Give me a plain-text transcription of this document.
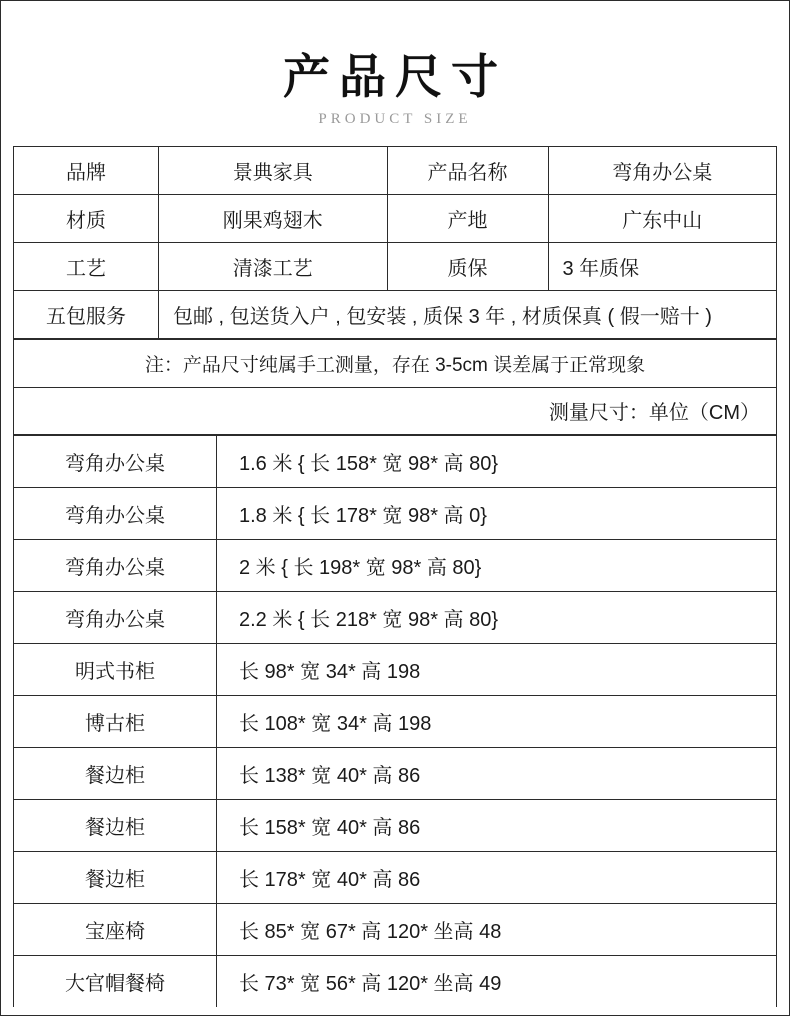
产品尺寸
PRODUCT SIZE
品牌	景典家具	产品名称	弯角办公桌
材质	刚果鸡翅木	产地	广东中山
工艺	清漆工艺	质保	3 年质保
五包服务	包邮 , 包送货入户 , 包安装 , 质保 3 年 , 材质保真 ( 假一赔十 )		
注：产品尺寸纯属手工测量，存在 3-5cm 误差属于正常现象
测量尺寸：单位（CM）
弯角办公桌	1.6 米 { 长 158* 宽 98* 高 80}
弯角办公桌	1.8 米 { 长 178* 宽 98* 高 0}
弯角办公桌	2 米 { 长 198* 宽 98* 高 80}
弯角办公桌	2.2 米 { 长 218* 宽 98* 高 80}
明式书柜	长 98* 宽 34* 高 198
博古柜	长 108* 宽 34* 高 198
餐边柜	长 138* 宽 40* 高 86
餐边柜	长 158* 宽 40* 高 86
餐边柜	长 178* 宽 40* 高 86
宝座椅	长 85* 宽 67* 高 120* 坐高 48
大官帽餐椅	长 73* 宽 56* 高 120* 坐高 49
